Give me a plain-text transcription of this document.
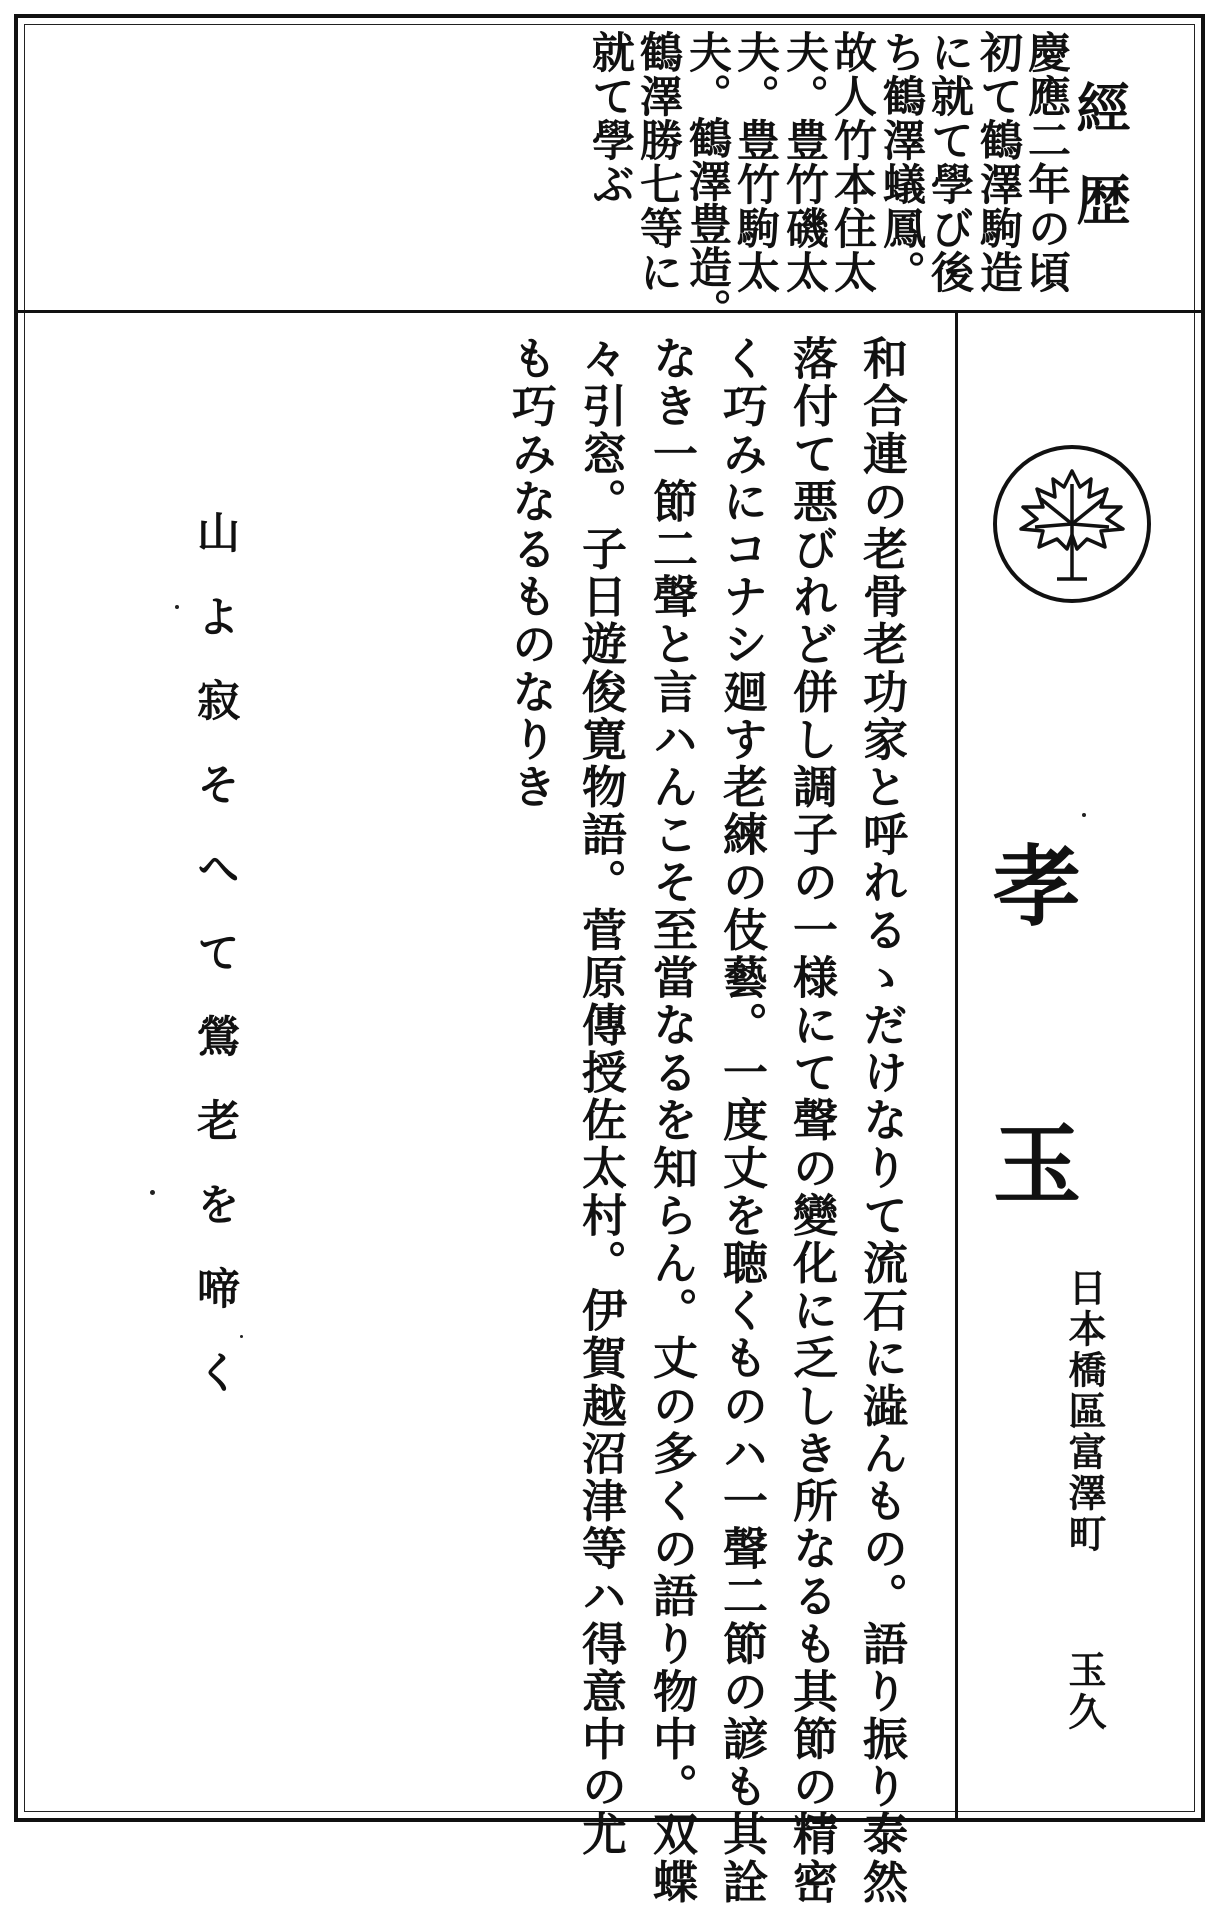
經歴
慶應二年の頃
初て鶴澤駒造
に就て學び後
ち鶴澤蟻鳳。
故人竹本住太
夫。豊竹磯太
夫。豊竹駒太
夫。鶴澤豊造。
鶴澤勝七等に
就て學ぶ
孝玉
日本橋區富澤町
玉久
和合連の老骨老功家と呼れるゝだけなりて流石に澁んもの。語り振り泰然
落付て悪びれど併し調子の一様にて聲の變化に乏しき所なるも其節の精密
く巧みにコナシ廻す老練の伎藝。一度丈を聴くものハ一聲二節の諺も其詮
なき一節二聲と言ハんこそ至當なるを知らん。丈の多くの語り物中。双蝶
々引窓。子日遊俊寛物語。菅原傳授佐太村。伊賀越沼津等ハ得意中の尤
も巧みなるものなりき
山よ寂そへて鶯老を啼く
